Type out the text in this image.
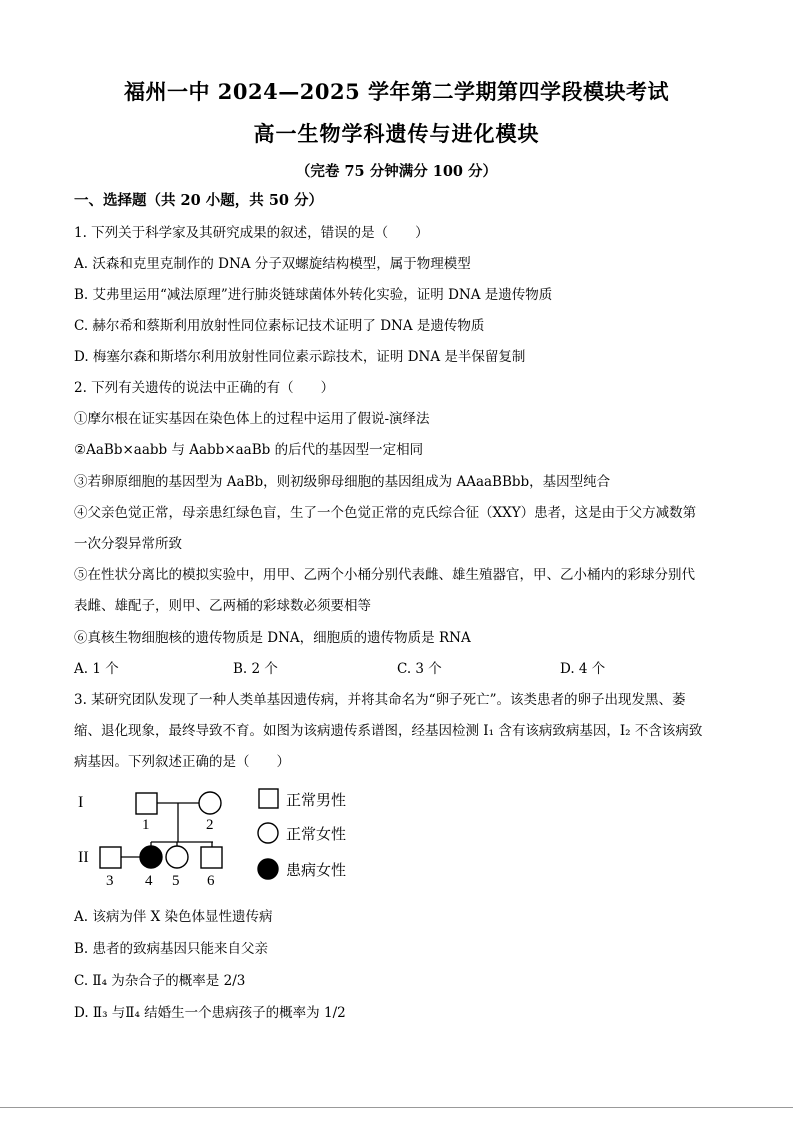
福州一中 2024—2025 学年第二学期第四学段模块考试
高一生物学科遗传与进化模块
（完卷 75 分钟满分 100 分）
一、选择题（共 20 小题，共 50 分）
1. 下列关于科学家及其研究成果的叙述，错误的是（　　）
A. 沃森和克里克制作的 DNA 分子双螺旋结构模型，属于物理模型
B. 艾弗里运用“减法原理”进行肺炎链球菌体外转化实验，证明 DNA 是遗传物质
C. 赫尔希和蔡斯利用放射性同位素标记技术证明了 DNA 是遗传物质
D. 梅塞尔森和斯塔尔利用放射性同位素示踪技术，证明 DNA 是半保留复制
2. 下列有关遗传的说法中正确的有（　　）
①摩尔根在证实基因在染色体上的过程中运用了假说-演绎法
②AaBb×aabb 与 Aabb×aaBb 的后代的基因型一定相同
③若卵原细胞的基因型为 AaBb，则初级卵母细胞的基因组成为 AAaaBBbb，基因型纯合
④父亲色觉正常，母亲患红绿色盲，生了一个色觉正常的克氏综合征（XXY）患者，这是由于父方减数第
一次分裂异常所致
⑤在性状分离比的模拟实验中，用甲、乙两个小桶分别代表雌、雄生殖器官，甲、乙小桶内的彩球分别代
表雌、雄配子，则甲、乙两桶的彩球数必须要相等
⑥真核生物细胞核的遗传物质是 DNA，细胞质的遗传物质是 RNA
A. 1 个	B. 2 个	C. 3 个	D. 4 个
3. 某研究团队发现了一种人类单基因遗传病，并将其命名为“卵子死亡”。该类患者的卵子出现发黑、萎
缩、退化现象，最终导致不育。如图为该病遗传系谱图，经基因检测 I₁ 含有该病致病基因，I₂ 不含该病致
病基因。下列叙述正确的是（　　）
I
II
1	2
3 4 5 6
正常男性
正常女性
患病女性
A. 该病为伴 X 染色体显性遗传病
B. 患者的致病基因只能来自父亲
C. Ⅱ₄ 为杂合子的概率是 2/3
D. Ⅱ₃ 与Ⅱ₄ 结婚生一个患病孩子的概率为 1/2
